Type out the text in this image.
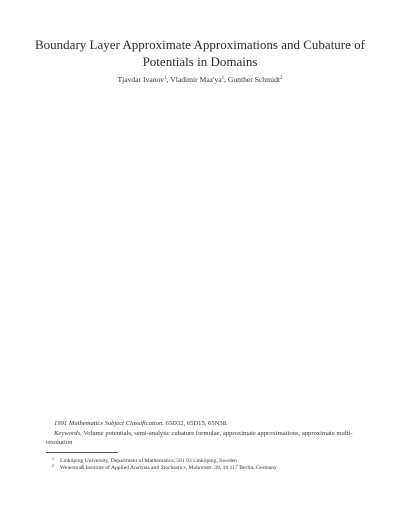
Boundary Layer Approximate Approximations and Cubature of
Potentials in Domains
Tjavdar Ivanov$^1$, Vladimir $Maz'ya^1$, Gunther Schmidt$^2$
1991 Mathematics Subject Classification. 65D32, 65D15, 65N38.
Keywords. Volume potentials, semi-analytic cubature formulae, approximate approximations, approximate multi-resolution
$^1$ Linköping University, Department of Mathematics, 581 83 Linköping, Sweden
$^2$ Weierstraß Institute of Applied Analysis and Stochastics, Mohrenstr. 39, 10 117 Berlin, Germany
